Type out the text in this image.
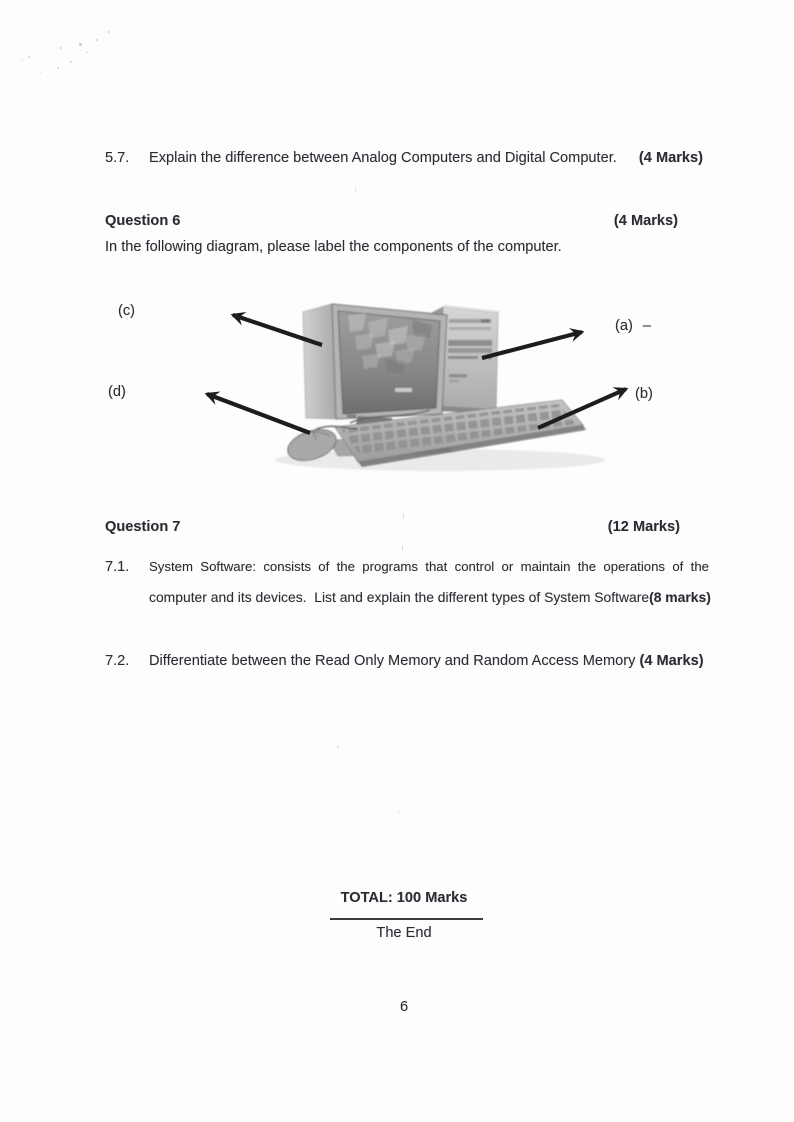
5.7.	Explain the difference between Analog Computers and Digital Computer. (4 Marks)
Question 6	(4 Marks)
In the following diagram, please label the components of the computer.
(c)
(a) –
(d)	(b)
Question 7	(12 Marks)
7.1.	System Software: consists of the programs that control or maintain the operations of the
computer and its devices.  List and explain the different types of System Software (8 marks)
7.2.	Differentiate between the Read Only Memory and Random Access Memory (4 Marks)
TOTAL: 100 Marks
The End
6
